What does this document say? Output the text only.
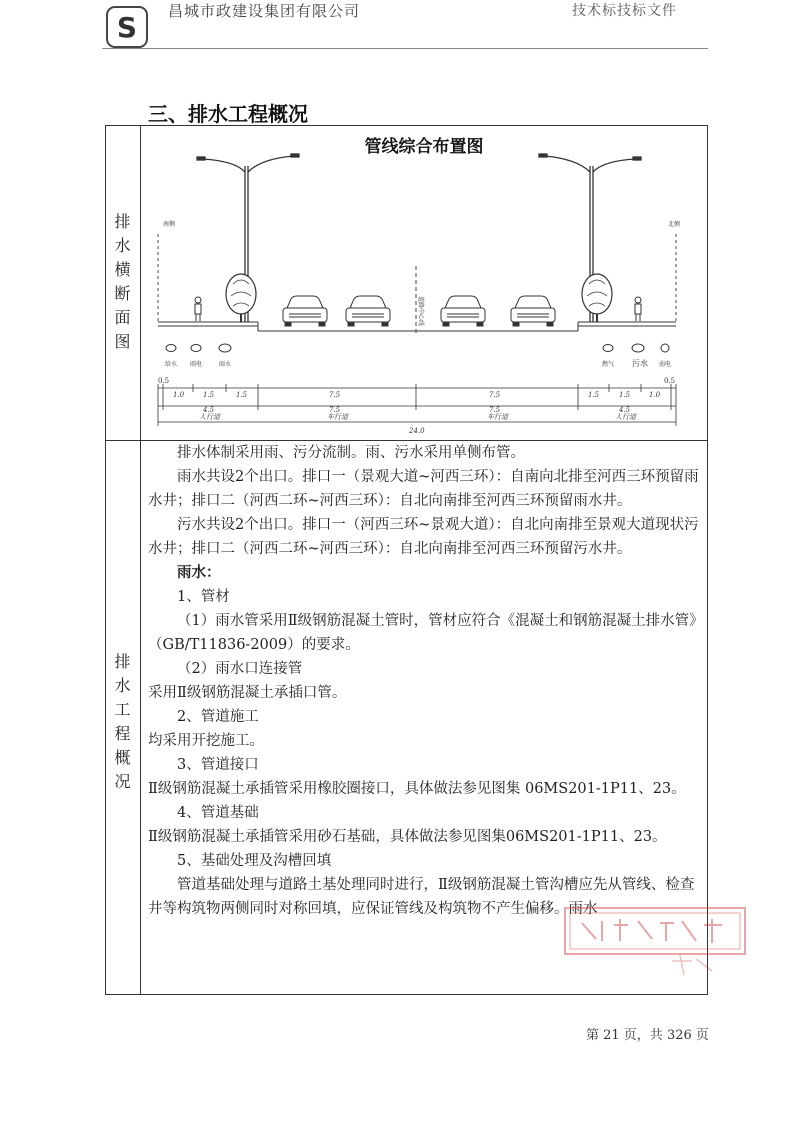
S 昌城市政建设集团有限公司	技术标技标文件
三、排水工程概况
排
水
横
断
面
图
排
水
工
程
概
况
管线综合布置图
南侧	北侧
道路中心线
给水 雨电	雨水	燃气 污水 弱电
0.5	0.5
1.0	1.5	1.5	7.5	7.5	1.5	1.5	1.0
4.5	7.5	7.5	4.5
24.0
人行道	车行道	车行道	人行道

排水体制采用雨、污分流制。雨、污水采用单侧布管。

雨水共设2个出口。排口一（景观大道~河西三环）：自南向北排至河西三环预留雨水井；排口二（河西二环~河西三环）：自北向南排至河西三环预留雨水井。

污水共设2个出口。排口一（河西三环~景观大道）：自北向南排至景观大道现状污水井；排口二（河西二环~河西三环）：自北向南排至河西三环预留污水井。

雨水：

1、管材

（1）雨水管采用Ⅱ级钢筋混凝土管时，管材应符合《混凝土和钢筋混凝土排水管》（GB/T11836-2009）的要求。

（2）雨水口连接管

采用Ⅱ级钢筋混凝土承插口管。

2、管道施工

均采用开挖施工。

3、管道接口

Ⅱ级钢筋混凝土承插管采用橡胶圈接口，具体做法参见图集 06MS201-1P11、23。

4、管道基础

Ⅱ级钢筋混凝土承插管采用砂石基础，具体做法参见图集06MS201-1P11、23。

5、基础处理及沟槽回填

管道基础处理与道路土基处理同时进行，Ⅱ级钢筋混凝土管沟槽应先从管线、检查井等构筑物两侧同时对称回填，应保证管线及构筑物不产生偏移。雨水

第 21 页，共 326 页
